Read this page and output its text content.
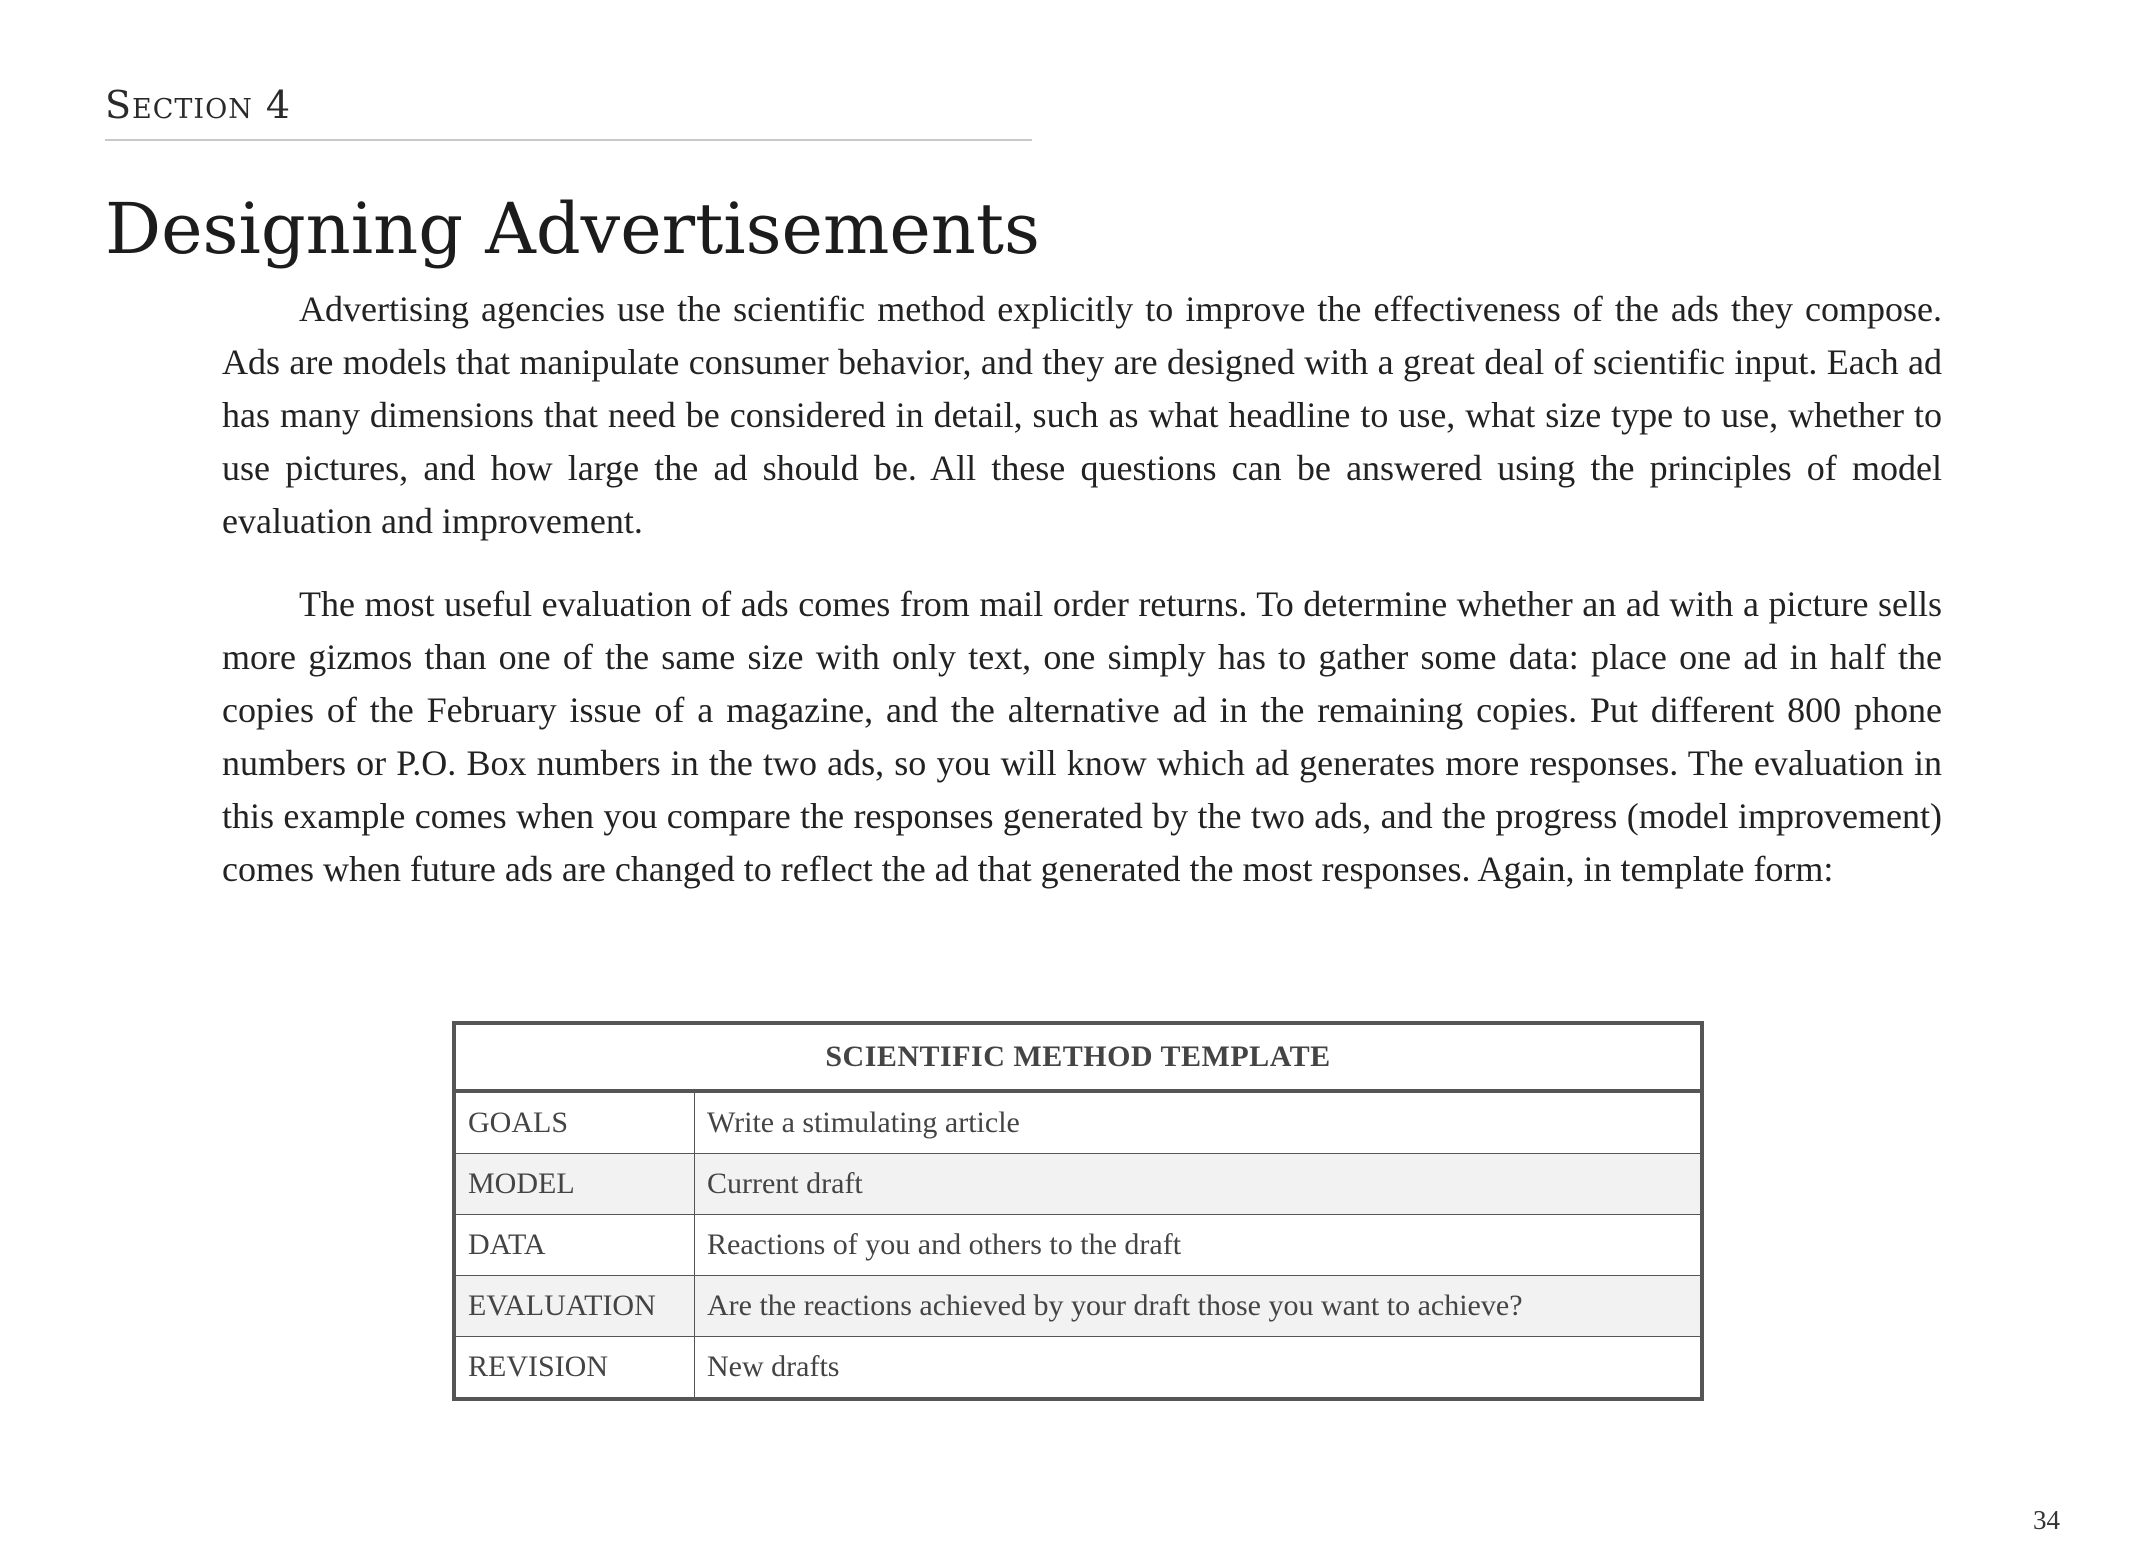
Section 4
Designing Advertisements

Advertising agencies use the scientific method explicitly to improve the effectiveness of the ads they compose. Ads are models that manipulate consumer behavior, and they are designed with a great deal of scientific input. Each ad has many dimensions that need be considered in detail, such as what headline to use, what size type to use, whether to use pictures, and how large the ad should be. All these questions can be answered using the principles of model evaluation and improvement.

The most useful evaluation of ads comes from mail order returns. To determine whether an ad with a picture sells more gizmos than one of the same size with only text, one simply has to gather some data: place one ad in half the copies of the February issue of a magazine, and the alternative ad in the remaining copies. Put different 800 phone numbers or P.O. Box numbers in the two ads, so you will know which ad generates more responses. The evaluation in this example comes when you compare the responses generated by the two ads, and the progress (model improvement) comes when future ads are changed to reflect the ad that generated the most responses. Again, in template form:

SCIENTIFIC METHOD TEMPLATE	
GOALS	Write a stimulating article
MODEL	Current draft
DATA	Reactions of you and others to the draft
EVALUATION	Are the reactions achieved by your draft those you want to achieve?
REVISION	New drafts
34
